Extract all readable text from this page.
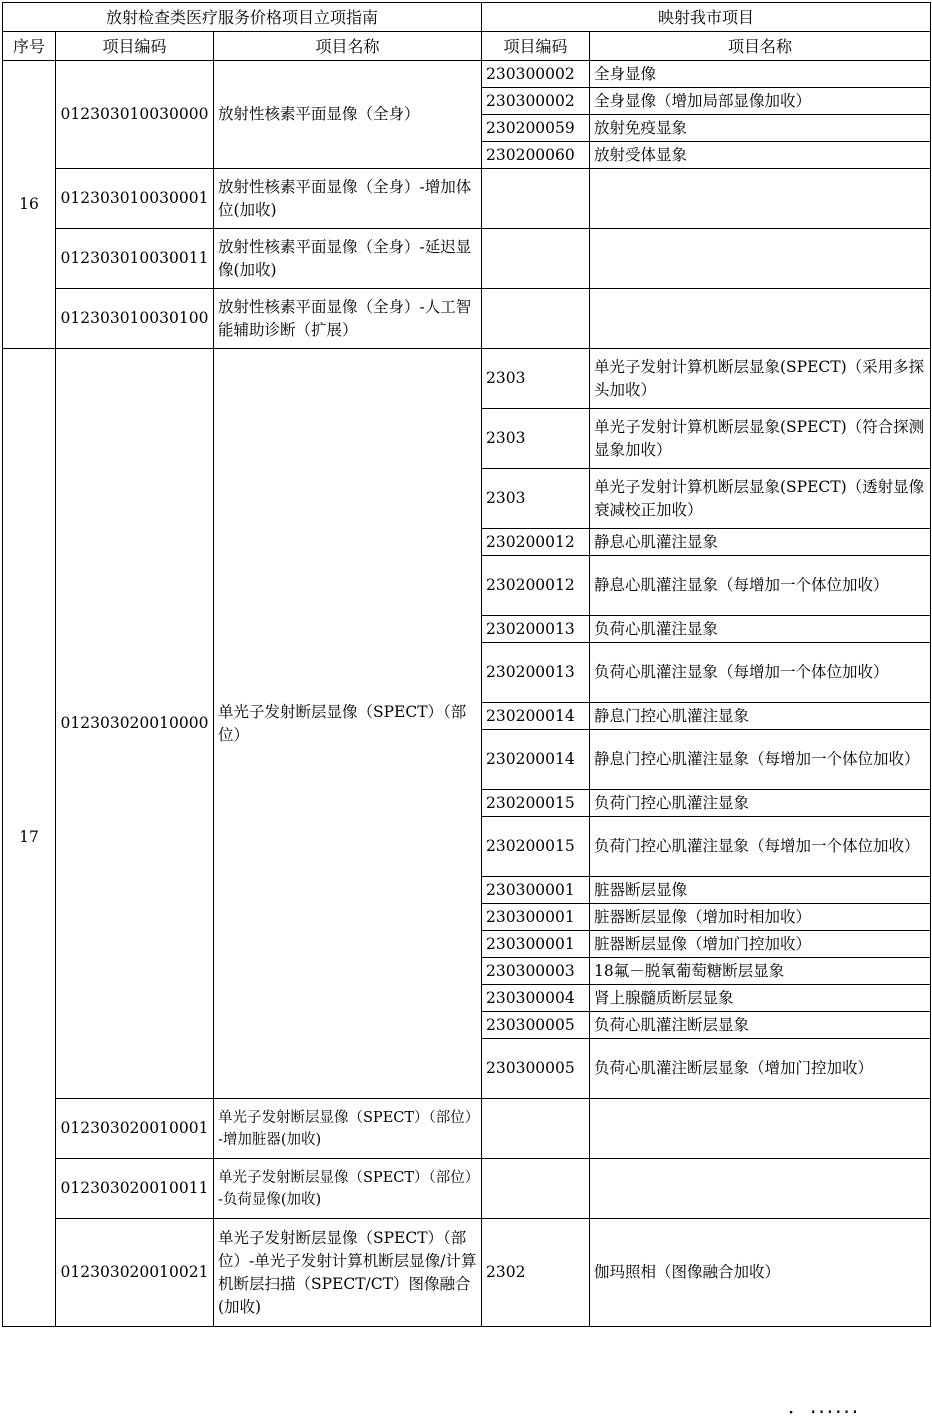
放射检查类医疗服务价格项目立项指南			映射我市项目	
序号	项目编码	项目名称	项目编码	项目名称
16	012303010030000	放射性核素平面显像（全身）	230300002	全身显像
			230300002	全身显像（增加局部显像加收）
			230200059	放射免疫显象
			230200060	放射受体显象
	012303010030001	放射性核素平面显像（全身）-增加体位(加收)		
	012303010030011	放射性核素平面显像（全身）-延迟显像(加收)		
	012303010030100	放射性核素平面显像（全身）-人工智能辅助诊断（扩展）		
17	012303020010000	单光子发射断层显像（SPECT）（部位）	2303	单光子发射计算机断层显象(SPECT)（采用多探头加收）
			2303	单光子发射计算机断层显象(SPECT)（符合探测显象加收）
			2303	单光子发射计算机断层显象(SPECT)（透射显像衰减校正加收）
			230200012	静息心肌灌注显象
			230200012	静息心肌灌注显象（每增加一个体位加收）
			230200013	负荷心肌灌注显象
			230200013	负荷心肌灌注显象（每增加一个体位加收）
			230200014	静息门控心肌灌注显象
			230200014	静息门控心肌灌注显象（每增加一个体位加收）
			230200015	负荷门控心肌灌注显象
			230200015	负荷门控心肌灌注显象（每增加一个体位加收）
			230300001	脏器断层显像
			230300001	脏器断层显像（增加时相加收）
			230300001	脏器断层显像（增加门控加收）
			230300003	18氟－脱氧葡萄糖断层显象
			230300004	肾上腺髓质断层显象
			230300005	负荷心肌灌注断层显象
			230300005	负荷心肌灌注断层显象（增加门控加收）
	012303020010001	单光子发射断层显像（SPECT）（部位）-增加脏器(加收)		
	012303020010011	单光子发射断层显像（SPECT）（部位）-负荷显像(加收)		
	012303020010021	单光子发射断层显像（SPECT）（部位）-单光子发射计算机断层显像/计算机断层扫描（SPECT/CT）图像融合(加收)	2302	伽玛照相（图像融合加收）
．......
